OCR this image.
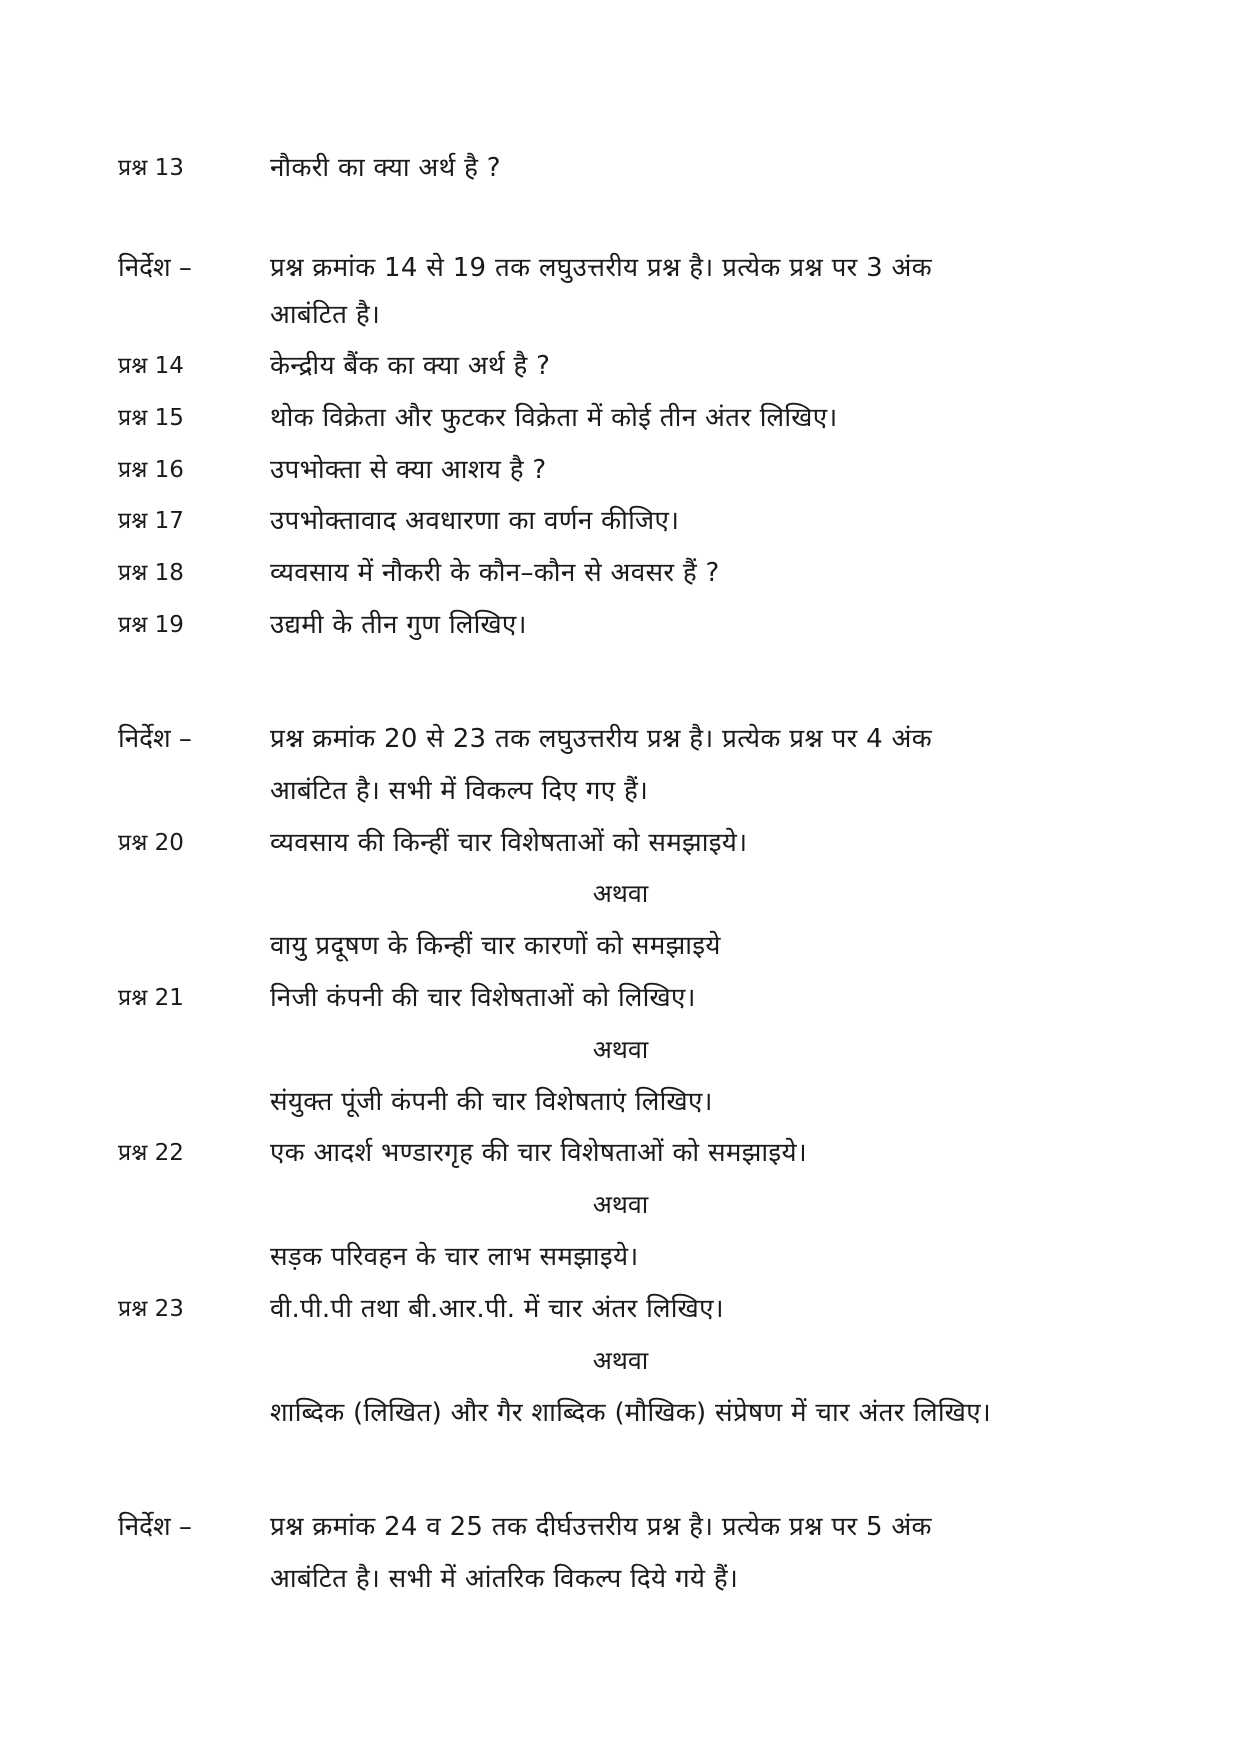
प्रश्न 13	नौकरी का क्या अर्थ है ?
निर्देश –	प्रश्न क्रमांक 14 से 19 तक लघुउत्तरीय प्रश्न है। प्रत्येक प्रश्न पर 3 अंक
आबंटित है।
प्रश्न 14	केन्द्रीय बैंक का क्या अर्थ है ?
प्रश्न 15	थोक विक्रेता और फुटकर विक्रेता में कोई तीन अंतर लिखिए।
प्रश्न 16	उपभोक्ता से क्या आशय है ?
प्रश्न 17	उपभोक्तावाद अवधारणा का वर्णन कीजिए।
प्रश्न 18	व्यवसाय में नौकरी के कौन–कौन से अवसर हैं ?
प्रश्न 19	उद्यमी के तीन गुण लिखिए।
निर्देश –	प्रश्न क्रमांक 20 से 23 तक लघुउत्तरीय प्रश्न है। प्रत्येक प्रश्न पर 4 अंक
आबंटित है। सभी में विकल्प दिए गए हैं।
प्रश्न 20	व्यवसाय की किन्हीं चार विशेषताओं को समझाइये।
अथवा
वायु प्रदूषण के किन्हीं चार कारणों को समझाइये
प्रश्न 21	निजी कंपनी की चार विशेषताओं को लिखिए।
अथवा
संयुक्त पूंजी कंपनी की चार विशेषताएं लिखिए।
प्रश्न 22	एक आदर्श भण्डारगृह की चार विशेषताओं को समझाइये।
अथवा
सड़क परिवहन के चार लाभ समझाइये।
प्रश्न 23	वी.पी.पी तथा बी.आर.पी. में चार अंतर लिखिए।
अथवा
शाब्दिक (लिखित) और गैर शाब्दिक (मौखिक) संप्रेषण में चार अंतर लिखिए।
निर्देश –	प्रश्न क्रमांक 24 व 25 तक दीर्घउत्तरीय प्रश्न है। प्रत्येक प्रश्न पर 5 अंक
आबंटित है। सभी में आंतरिक विकल्प दिये गये हैं।
